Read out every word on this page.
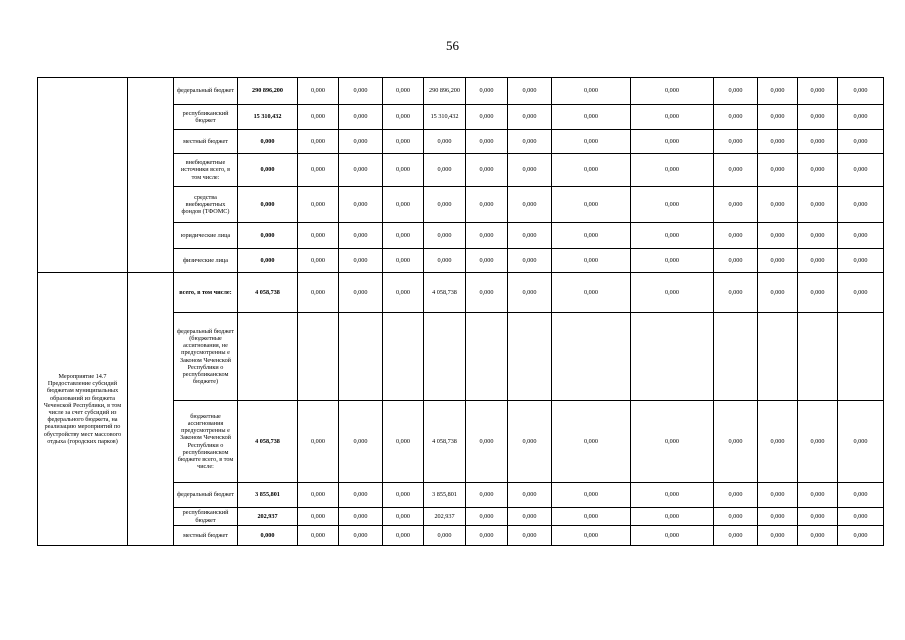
56
		федеральный бюджет	290 896,200	0,000	0,000	0,000	290 896,200	0,000	0,000	0,000	0,000	0,000	0,000	0,000	0,000
		республиканский бюджет	15 310,432	0,000	0,000	0,000	15 310,432	0,000	0,000	0,000	0,000	0,000	0,000	0,000	0,000
		местный бюджет	0,000	0,000	0,000	0,000	0,000	0,000	0,000	0,000	0,000	0,000	0,000	0,000	0,000
		внебюджетные источники всего, в том числе:	0,000	0,000	0,000	0,000	0,000	0,000	0,000	0,000	0,000	0,000	0,000	0,000	0,000
		средства внебюджетных фондов (ТФОМС)	0,000	0,000	0,000	0,000	0,000	0,000	0,000	0,000	0,000	0,000	0,000	0,000	0,000
		юридические лица	0,000	0,000	0,000	0,000	0,000	0,000	0,000	0,000	0,000	0,000	0,000	0,000	0,000
		физические лица	0,000	0,000	0,000	0,000	0,000	0,000	0,000	0,000	0,000	0,000	0,000	0,000	0,000
Мероприятие 14.7 Предоставление субсидий бюджетам муниципальных образований из бюджета Чеченской Республики, в том числе за счет субсидий из федерального бюджета, на реализацию мероприятий по обустройству мест массового отдыха (городских парков)		всего, в том числе:	4 058,738	0,000	0,000	0,000	4 058,738	0,000	0,000	0,000	0,000	0,000	0,000	0,000	0,000
		федеральный бюджет (бюджетные ассигнования, не предусмотренны е Законом Чеченской Республики о республиканском бюджете)													
		бюджетные ассигнования предусмотренны е Законом Чеченской Республики о республиканском бюджете всего, в том числе:	4 058,738	0,000	0,000	0,000	4 058,738	0,000	0,000	0,000	0,000	0,000	0,000	0,000	0,000
		федеральный бюджет	3 855,801	0,000	0,000	0,000	3 855,801	0,000	0,000	0,000	0,000	0,000	0,000	0,000	0,000
		республиканский бюджет	202,937	0,000	0,000	0,000	202,937	0,000	0,000	0,000	0,000	0,000	0,000	0,000	0,000
		местный бюджет	0,000	0,000	0,000	0,000	0,000	0,000	0,000	0,000	0,000	0,000	0,000	0,000	0,000
